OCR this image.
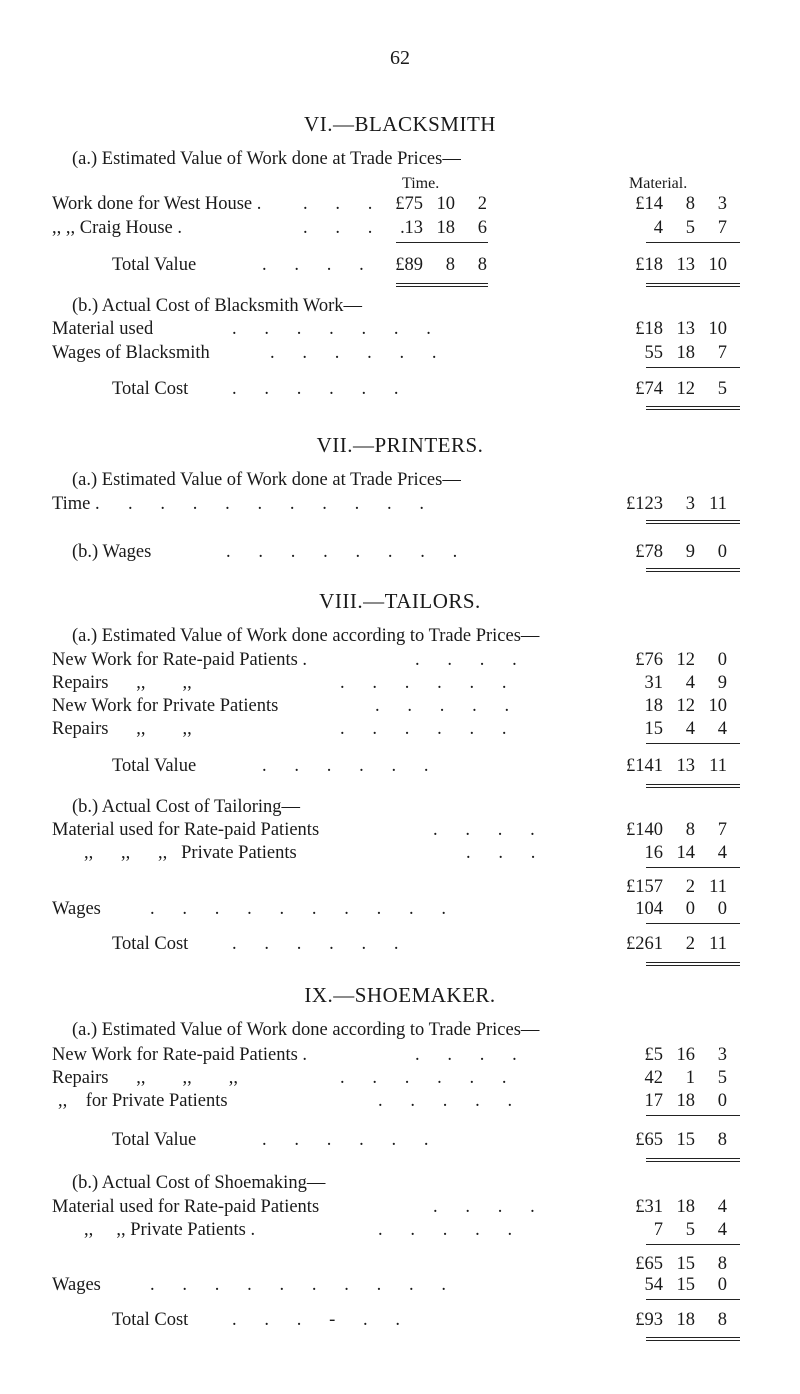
62
VI.—BLACKSMITH
(a.) Estimated Value of Work done at Trade Prices—
Time.	Material.
Work done for West House . .      .      .	£75 10 2	£14 8 3
,, ,, Craig House .	.      .      .      . 13 18 6	4 5 7
Total Value	.      .      .      .	£89 8 8	£18 13 10
(b.) Actual Cost of Blacksmith Work—
Material used	.      .      .      .      .      .      .	£18 13 10
Wages of Blacksmith	.      .      .      .      .      .	55 18 7
Total Cost .      .      .      .      .      .	£74 12 5
VII.—PRINTERS.
(a.) Estimated Value of Work done at Trade Prices—
Time . .      .      .      .      .      .      .      .      .      .	£123 3 11
(b.) Wages	.      .      .      .      .      .      .      .	£78 9 0
VIII.—TAILORS.
(a.) Estimated Value of Work done according to Trade Prices—
New Work for Rate-paid Patients .	.      .      .      .	£76 12 0
Repairs      ,,        ,,	.      .      .      .      .      .	31 4 9
New Work for Private Patients	.      .      .      .      .	18 12 10
Repairs      ,,        ,,	.      .      .      .      .      .	15 4 4
Total Value	.      .      .      .      .      .	£141 13 11
(b.) Actual Cost of Tailoring—
Material used for Rate-paid Patients	.      .      .      .	£140 8 7
,,      ,,      ,,   Private Patients	.      .      .	16 14 4
£157 2 11
Wages	.      .      .      .      .      .      .      .      .      .	104 0 0
Total Cost .      .      .      .      .      .	£261 2 11
IX.—SHOEMAKER.
(a.) Estimated Value of Work done according to Trade Prices—
New Work for Rate-paid Patients .	.      .      .      .	£5 16 3
Repairs      ,,        ,,        ,,	.      .      .      .      .      .	42 1 5
,,    for Private Patients	.      .      .      .      .	17 18 0
Total Value	.      .      .      .      .      .	£65 15 8
(b.) Actual Cost of Shoemaking—
Material used for Rate-paid Patients	.      .      .      .	£31 18 4
,,     ,, Private Patients .	.      .      .      .      .	7 5 4
£65 15 8
Wages	.      .      .      .      .      .      .      .      .      .	54 15 0
Total Cost .      .      .      -      .      .	£93 18 8
